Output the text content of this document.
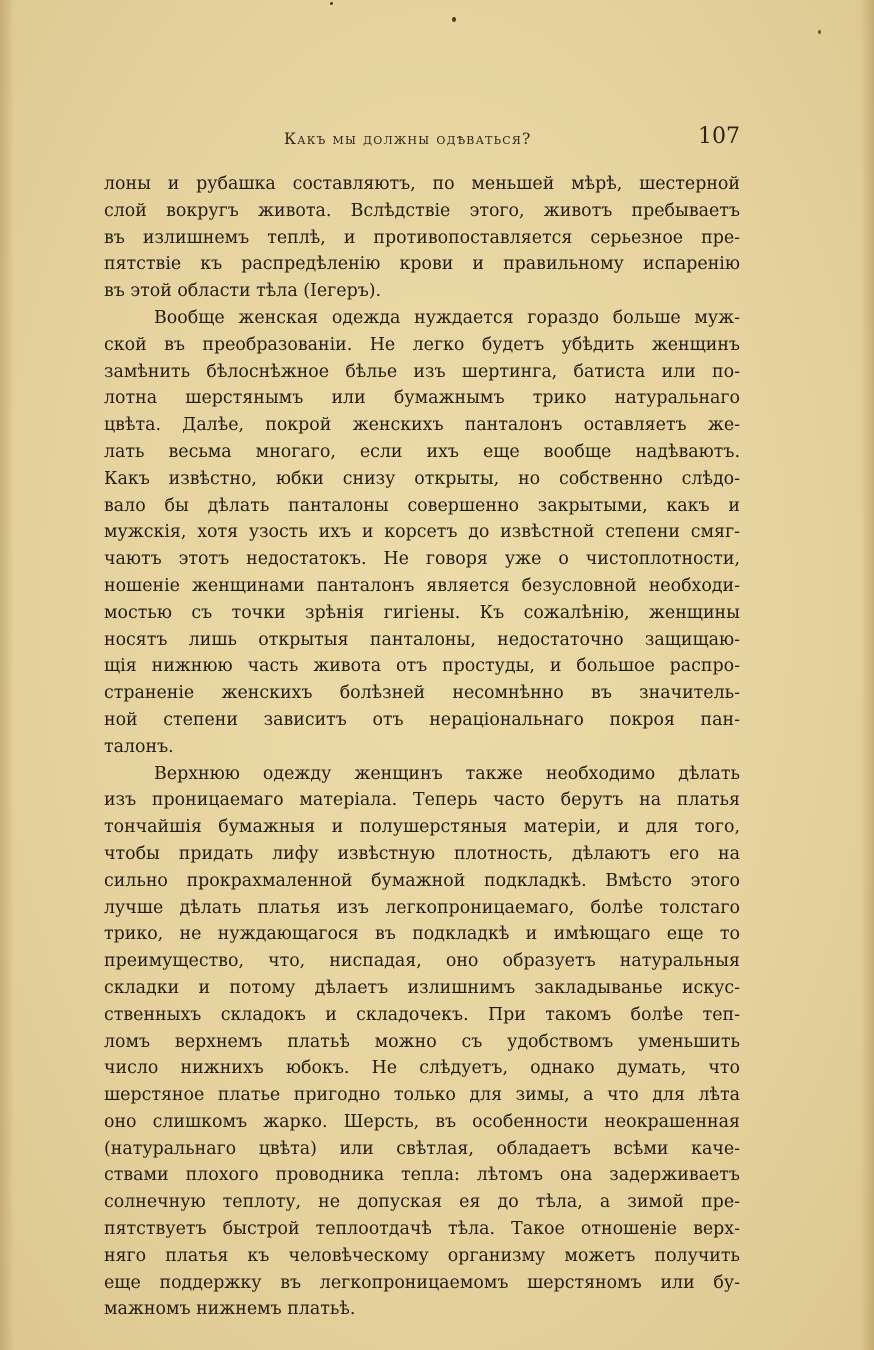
Какъ мы должны одѣваться?	107
лоны и рубашка составляютъ, по меньшей мѣрѣ, шестерной
слой вокругъ живота. Вслѣдствіе этого, животъ пребываетъ
въ излишнемъ теплѣ, и противопоставляется серьезное пре-
пятствіе къ распредѣленію крови и правильному испаренію
въ этой области тѣла (Iегеръ).
Вообще женская одежда нуждается гораздо больше муж-
ской въ преобразованіи. Не легко будетъ убѣдить женщинъ
замѣнить бѣлоснѣжное бѣлье изъ шертинга, батиста или по-
лотна шерстянымъ или бумажнымъ трико натуральнаго
цвѣта. Далѣе, покрой женскихъ панталонъ оставляетъ же-
лать весьма многаго, если ихъ еще вообще надѣваютъ.
Какъ извѣстно, юбки снизу открыты, но собственно слѣдо-
вало бы дѣлать панталоны совершенно закрытыми, какъ и
мужскія, хотя узость ихъ и корсетъ до извѣстной степени смяг-
чаютъ этотъ недостатокъ. Не говоря уже о чистоплотности,
ношеніе женщинами панталонъ является безусловной необходи-
мостью съ точки зрѣнія гигіены. Къ сожалѣнію, женщины
носятъ лишь открытыя панталоны, недостаточно защищаю-
щія нижнюю часть живота отъ простуды, и большое распро-
страненіе женскихъ болѣзней несомнѣнно въ значитель-
ной степени зависитъ отъ нераціональнаго покроя пан-
талонъ.
Верхнюю одежду женщинъ также необходимо дѣлать
изъ проницаемаго матеріала. Теперь часто берутъ на платья
тончайшія бумажныя и полушерстяныя матеріи, и для того,
чтобы придать лифу извѣстную плотность, дѣлаютъ его на
сильно прокрахмаленной бумажной подкладкѣ. Вмѣсто этого
лучше дѣлать платья изъ легкопроницаемаго, болѣе толстаго
трико, не нуждающагося въ подкладкѣ и имѣющаго еще то
преимущество, что, ниспадая, оно образуетъ натуральныя
складки и потому дѣлаетъ излишнимъ закладыванье искус-
ственныхъ складокъ и складочекъ. При такомъ болѣе теп-
ломъ верхнемъ платьѣ можно съ удобствомъ уменьшить
число нижнихъ юбокъ. Не слѣдуетъ, однако думать, что
шерстяное платье пригодно только для зимы, а что для лѣта
оно слишкомъ жарко. Шерсть, въ особенности неокрашенная
(натуральнаго цвѣта) или свѣтлая, обладаетъ всѣми каче-
ствами плохого проводника тепла: лѣтомъ она задерживаетъ
солнечную теплоту, не допуская ея до тѣла, а зимой пре-
пятствуетъ быстрой теплоотдачѣ тѣла. Такое отношеніе верх-
няго платья къ человѣческому организму можетъ получить
еще поддержку въ легкопроницаемомъ шерстяномъ или бу-
мажномъ нижнемъ платьѣ.
